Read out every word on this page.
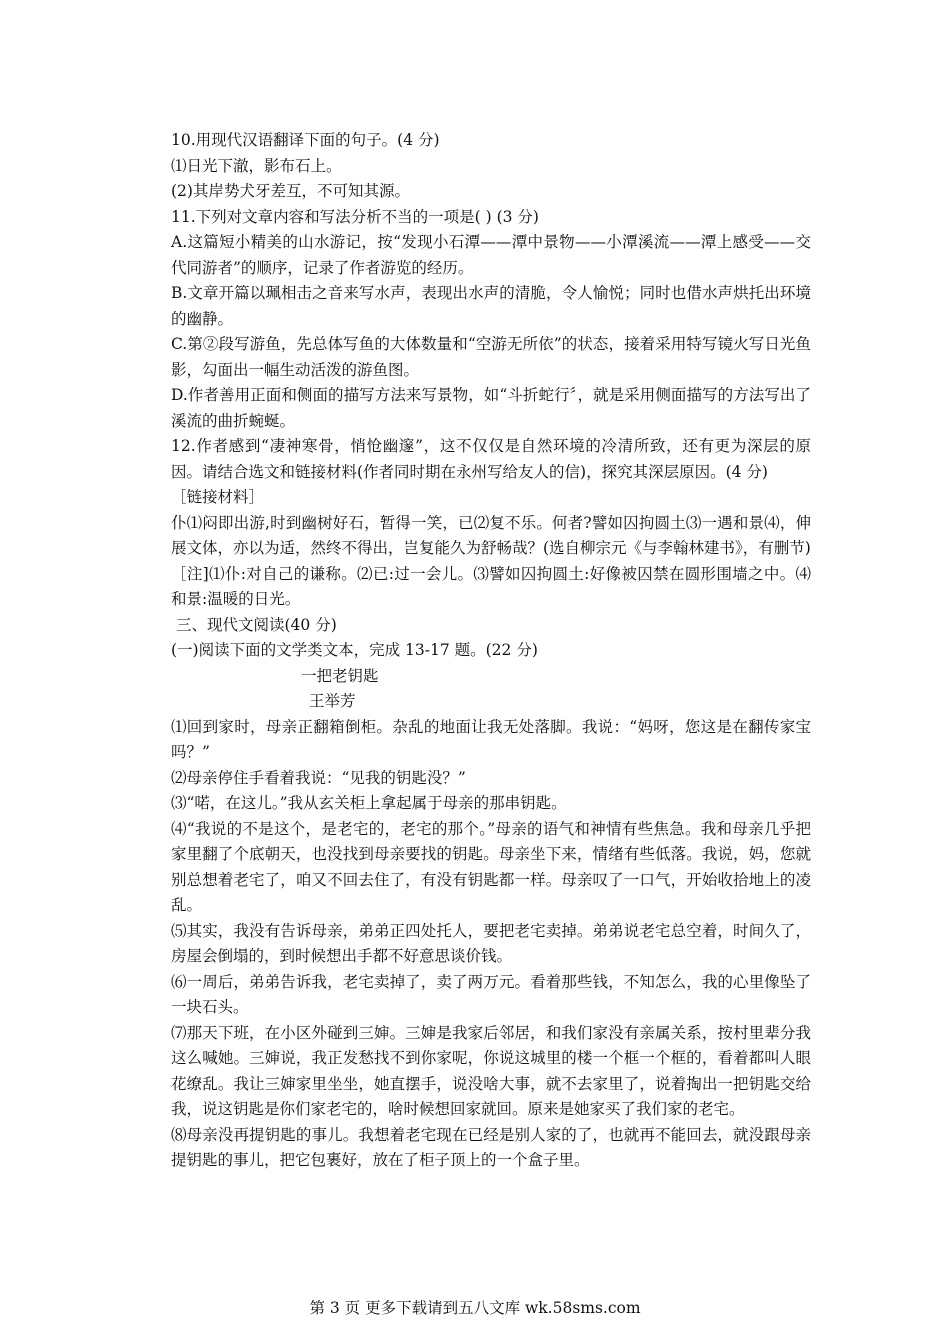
10.用现代汉语翻译下面的句子。(4 分)
⑴日光下澈，影布石上。
(2)其岸势犬牙差互，不可知其源。
11.下列对文章内容和写法分析不当的一项是( ) (3 分)
A.这篇短小精美的山水游记，按“发现小石潭——潭中景物——小潭溪流——潭上感受——交代同游者”的顺序，记录了作者游览的经历。
B.文章开篇以珮相击之音来写水声，表现出水声的清脆，令人愉悦；同时也借水声烘托出环境的幽静。
C.第②段写游鱼，先总体写鱼的大体数量和“空游无所依”的状态，接着采用特写镜火写日光鱼影，勾面出一幅生动活泼的游鱼图。
D.作者善用正面和侧面的描写方法来写景物，如“斗折蛇行〞，就是采用侧面描写的方法写出了溪流的曲折蜿蜒。
12.作者感到“凄神寒骨，悄怆幽邃”，这不仅仅是自然环境的冷清所致，还有更为深层的原因。请结合选文和链接材料(作者同时期在永州写给友人的信)，探究其深层原因。(4 分)
［链接材料］
仆⑴闷即出游,时到幽树好石，暂得一笑，已⑵复不乐。何者?譬如囚拘圆土⑶一遇和景⑷，伸展文体，亦以为适，然终不得出，岂复能久为舒畅哉？(选自柳宗元《与李翰林建书》，有删节)
［注]⑴仆:对自己的谦称。⑵已:过一会儿。⑶譬如囚拘圆土:好像被囚禁在圆形围墙之中。⑷和景:温暖的日光。
三、现代文阅读(40 分)
(一)阅读下面的文学类文本，完成 13-17 题。(22 分)
一把老钥匙
王举芳
⑴回到家时，母亲正翻箱倒柜。杂乱的地面让我无处落脚。我说：“妈呀，您这是在翻传家宝吗？”
⑵母亲停住手看着我说：“见我的钥匙没？”
⑶“喏，在这儿。”我从玄关柜上拿起属于母亲的那串钥匙。
⑷“我说的不是这个，是老宅的，老宅的那个。”母亲的语气和神情有些焦急。我和母亲几乎把家里翻了个底朝天，也没找到母亲要找的钥匙。母亲坐下来，情绪有些低落。我说，妈，您就别总想着老宅了，咱又不回去住了，有没有钥匙都一样。母亲叹了一口气，开始收拾地上的凌乱。
⑸其实，我没有告诉母亲，弟弟正四处托人，要把老宅卖掉。弟弟说老宅总空着，时间久了，房屋会倒塌的，到时候想出手都不好意思谈价钱。
⑹一周后，弟弟告诉我，老宅卖掉了，卖了两万元。看着那些钱，不知怎么，我的心里像坠了一块石头。
⑺那天下班，在小区外碰到三婶。三婶是我家后邻居，和我们家没有亲属关系，按村里辈分我这么喊她。三婶说，我正发愁找不到你家呢，你说这城里的楼一个框一个框的，看着都叫人眼花缭乱。我让三婶家里坐坐，她直摆手，说没啥大事，就不去家里了，说着掏出一把钥匙交给我，说这钥匙是你们家老宅的，啥时候想回家就回。原来是她家买了我们家的老宅。
⑻母亲没再提钥匙的事儿。我想着老宅现在已经是别人家的了，也就再不能回去，就没跟母亲提钥匙的事儿，把它包裹好，放在了柜子顶上的一个盒子里。
第 3 页 更多下载请到五八文库 wk.58sms.com
